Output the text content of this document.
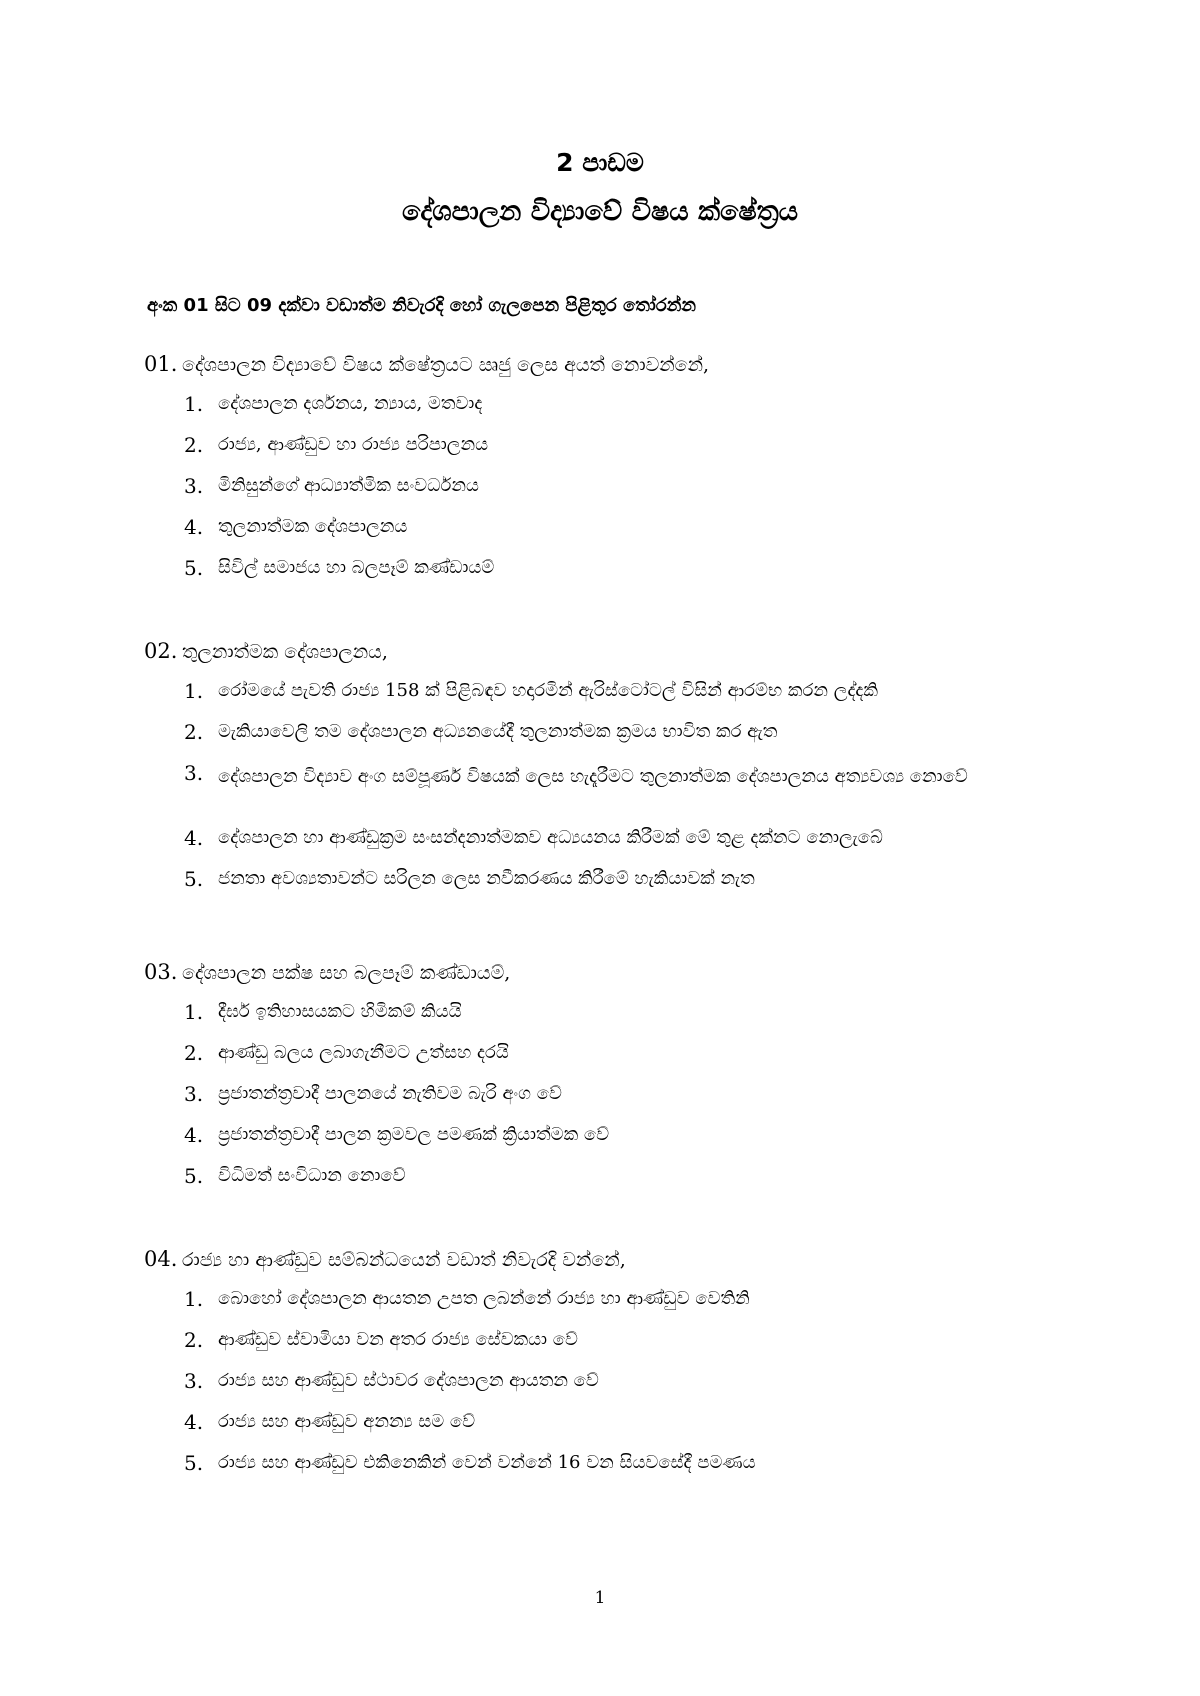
2 පාඩම
දේශපාලන විද්‍යාවේ විෂය ක්ෂේත්‍රය
අංක 01 සිට 09 දක්වා වඩාත්ම නිවැරදි හෝ ගැලපෙන පිළිතුර තෝරන්න
01. දේශපාලන විද්‍යාවේ විෂය ක්ෂේත්‍රයට ඍජු ලෙස අයත් නොවන්නේ,
1. දේශපාලන දර්ශනය, න්‍යාය, මතවාද
2. රාජ්‍ය, ආණ්ඩුව හා රාජ්‍ය පරිපාලනය
3. මිනිසුන්ගේ ආධ්‍යාත්මික සංවර්ධනය
4. තුලනාත්මක දේශපාලනය
5. සිවිල් සමාජය හා බලපෑම් කණ්ඩායම්
02. තුලනාත්මක දේශපාලනය,
1. රෝමයේ පැවති රාජ්‍ය 158 ක් පිළිබඳව හදාරමින් ඇරිස්ටෝටල් විසින් ආරම්භ කරන ලද්දකි
2. මැකියාවෙලි තම දේශපාලන අධ්‍යනයේදී තුලනාත්මක ක්‍රමය භාවිත කර ඇත
3. දේශපාලන විද්‍යාව අංග සම්පූර්ණ විෂයක් ලෙස හැදෑරීමට තුලනාත්මක දේශපාලනය අත්‍යවශ්‍ය නොවේ
4. දේශපාලන හා ආණ්ඩුක්‍රම සංසන්දනාත්මකව අධ්‍යයනය කිරීමක් මේ තුළ දක්නට නොලැබේ
5. ජනතා අවශ්‍යතාවන්ට සරිලන ලෙස නවීකරණය කිරීමේ හැකියාවක් නැත
03. දේශපාලන පක්ෂ සහ බලපෑම් කණ්ඩායම්,
1. දීර්ඝ ඉතිහාසයකට හිමිකම් කියයි
2. ආණ්ඩු බලය ලබාගැනීමට උත්සහ දරයි
3. ප්‍රජාතන්ත්‍රවාදී පාලනයේ නැතිවම බැරි අංග වේ
4. ප්‍රජාතන්ත්‍රවාදී පාලන ක්‍රමවල පමණක් ක්‍රියාත්මක වේ
5. විධිමත් සංවිධාන නොවේ
04. රාජ්‍ය හා ආණ්ඩුව සම්බන්ධයෙන් වඩාත් නිවැරදි වන්නේ,
1. බොහෝ දේශපාලන ආයතන උපත ලබන්නේ රාජ්‍ය හා ආණ්ඩුව වෙතිනි
2. ආණ්ඩුව ස්වාමියා වන අතර රාජ්‍ය සේවකයා වේ
3. රාජ්‍ය සහ ආණ්ඩුව ස්ථාවර දේශපාලන ආයතන වේ
4. රාජ්‍ය සහ ආණ්ඩුව අනන්‍ය සම වේ
5. රාජ්‍ය සහ ආණ්ඩුව එකිනෙකින් වෙන් වන්නේ 16 වන සියවසේදී පමණය
1
